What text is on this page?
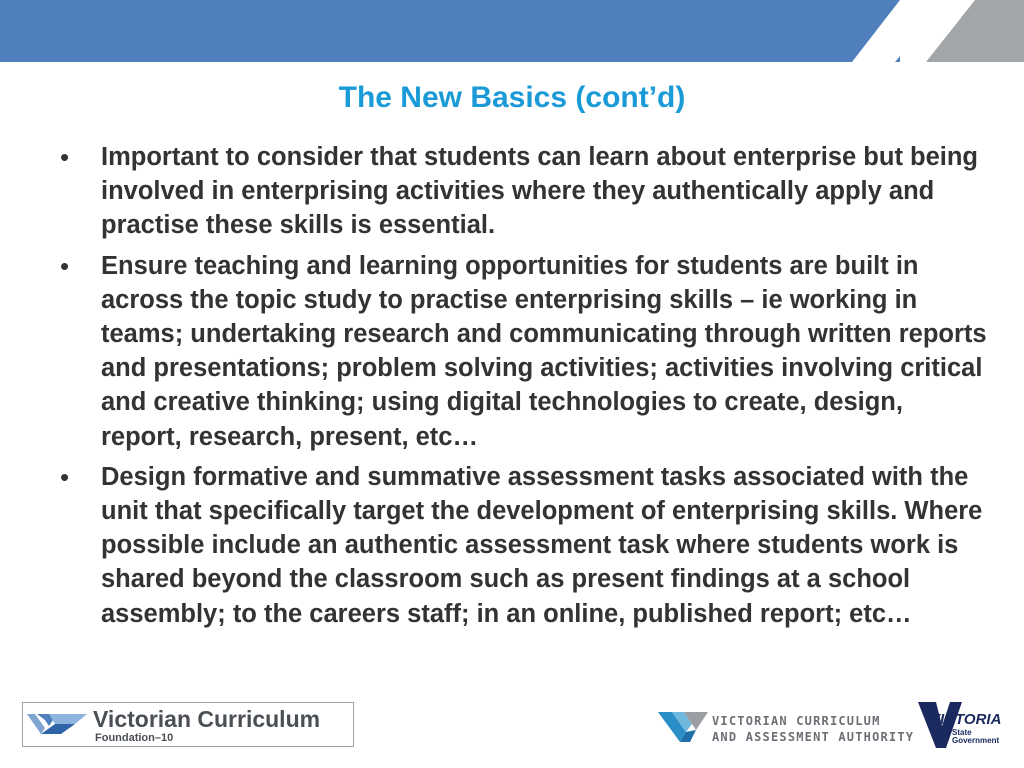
The New Basics (cont’d)
• Important to consider that students can learn about enterprise but being involved in enterprising activities where they authentically apply and practise these skills is essential.
• Ensure teaching and learning opportunities for students are built in across the topic study to practise enterprising skills – ie working in teams; undertaking research and communicating through written reports and presentations; problem solving activities; activities involving critical and creative thinking; using digital technologies to create, design, report, research, present, etc…
• Design formative and summative assessment tasks associated with the unit that specifically target the development of enterprising skills. Where possible include an authentic assessment task where students work is shared beyond the classroom such as present findings at a school assembly; to the careers staff; in an online, published report; etc…
Victorian Curriculum
Foundation–10
VICTORIAN CURRICULUM
AND ASSESSMENT AUTHORITY
VICTORIA
State
Government
